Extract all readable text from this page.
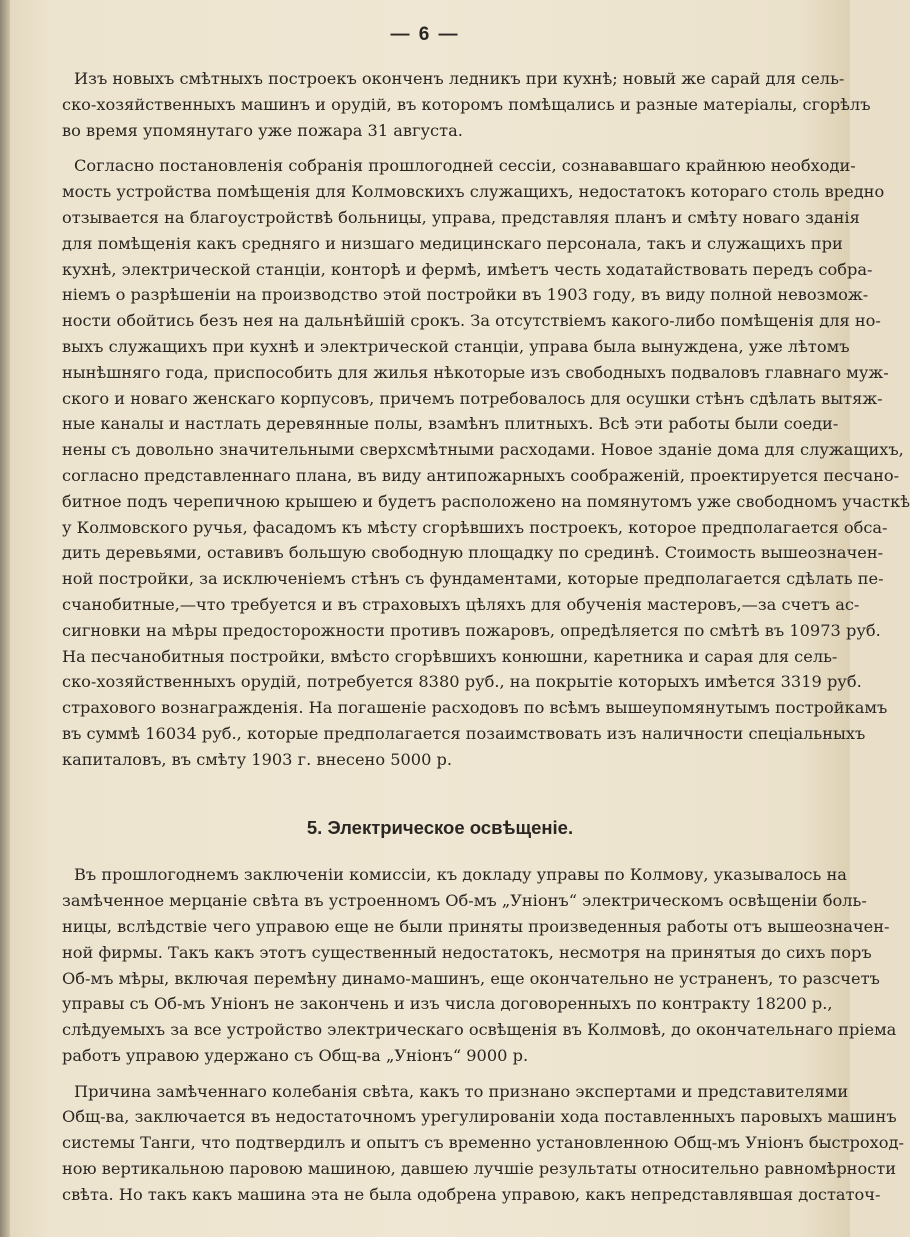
— 6 —
Изъ новыхъ смѣтныхъ построекъ оконченъ ледникъ при кухнѣ; новый же сарай для сель-
ско-хозяйственныхъ машинъ и орудій, въ которомъ помѣщались и разные матеріалы, сгорѣлъ
во время упомянутаго уже пожара 31 августа.
Согласно постановленія собранія прошлогодней сессіи, сознававшаго крайнюю необходи-
мость устройства помѣщенія для Колмовскихъ служащихъ, недостатокъ котораго столь вредно
отзывается на благоустройствѣ больницы, управа, представляя планъ и смѣту новаго зданія
для помѣщенія какъ средняго и низшаго медицинскаго персонала, такъ и служащихъ при
кухнѣ, электрической станціи, конторѣ и фермѣ, имѣетъ честь ходатайствовать передъ собра-
ніемъ о разрѣшеніи на производство этой постройки въ 1903 году, въ виду полной невозмож-
ности обойтись безъ нея на дальнѣйшій срокъ. За отсутствіемъ какого-либо помѣщенія для но-
выхъ служащихъ при кухнѣ и электрической станціи, управа была вынуждена, уже лѣтомъ
нынѣшняго года, приспособить для жилья нѣкоторые изъ свободныхъ подваловъ главнаго муж-
ского и новаго женскаго корпусовъ, причемъ потребовалось для осушки стѣнъ сдѣлать вытяж-
ные каналы и настлать деревянные полы, взамѣнъ плитныхъ. Всѣ эти работы были соеди-
нены съ довольно значительными сверхсмѣтными расходами. Новое зданіе дома для служащихъ,
согласно представленнаго плана, въ виду антипожарныхъ соображеній, проектируется песчано-
битное подъ черепичною крышею и будетъ расположено на помянутомъ уже свободномъ участкѣ
у Колмовского ручья, фасадомъ къ мѣсту сгорѣвшихъ построекъ, которое предполагается обса-
дить деревьями, оставивъ большую свободную площадку по срединѣ. Стоимость вышеозначен-
ной постройки, за исключеніемъ стѣнъ съ фундаментами, которые предполагается сдѣлать пе-
счанобитные,—что требуется и въ страховыхъ цѣляхъ для обученія мастеровъ,—за счетъ ас-
сигновки на мѣры предосторожности противъ пожаровъ, опредѣляется по смѣтѣ въ 10973 руб.
На песчанобитныя постройки, вмѣсто сгорѣвшихъ конюшни, каретника и сарая для сель-
ско-хозяйственныхъ орудій, потребуется 8380 руб., на покрытіе которыхъ имѣется 3319 руб.
страхового вознагражденія. На погашеніе расходовъ по всѣмъ вышеупомянутымъ постройкамъ
въ суммѣ 16034 руб., которые предполагается позаимствовать изъ наличности спеціальныхъ
капиталовъ, въ смѣту 1903 г. внесено 5000 р.
5. Электрическое освѣщеніе.
Въ прошлогоднемъ заключеніи комиссіи, къ докладу управы по Колмову, указывалось на
замѣченное мерцаніе свѣта въ устроенномъ Об-мъ „Уніонъ“ электрическомъ освѣщеніи боль-
ницы, вслѣдствіе чего управою еще не были приняты произведенныя работы отъ вышеозначен-
ной фирмы. Такъ какъ этотъ существенный недостатокъ, несмотря на принятыя до сихъ поръ
Об-мъ мѣры, включая перемѣну динамо-машинъ, еще окончательно не устраненъ, то разсчетъ
управы съ Об-мъ Уніонъ не закончень и изъ числа договоренныхъ по контракту 18200 р.,
слѣдуемыхъ за все устройство электрическаго освѣщенія въ Колмовѣ, до окончательнаго пріема
работъ управою удержано съ Общ-ва „Уніонъ“ 9000 р.
Причина замѣченнаго колебанія свѣта, какъ то признано экспертами и представителями
Общ-ва, заключается въ недостаточномъ урегулированіи хода поставленныхъ паровыхъ машинъ
системы Танги, что подтвердилъ и опытъ съ временно установленною Общ-мъ Уніонъ быстроход-
ною вертикальною паровою машиною, давшею лучшіе результаты относительно равномѣрности
свѣта. Но такъ какъ машина эта не была одобрена управою, какъ непредставлявшая достаточ-
